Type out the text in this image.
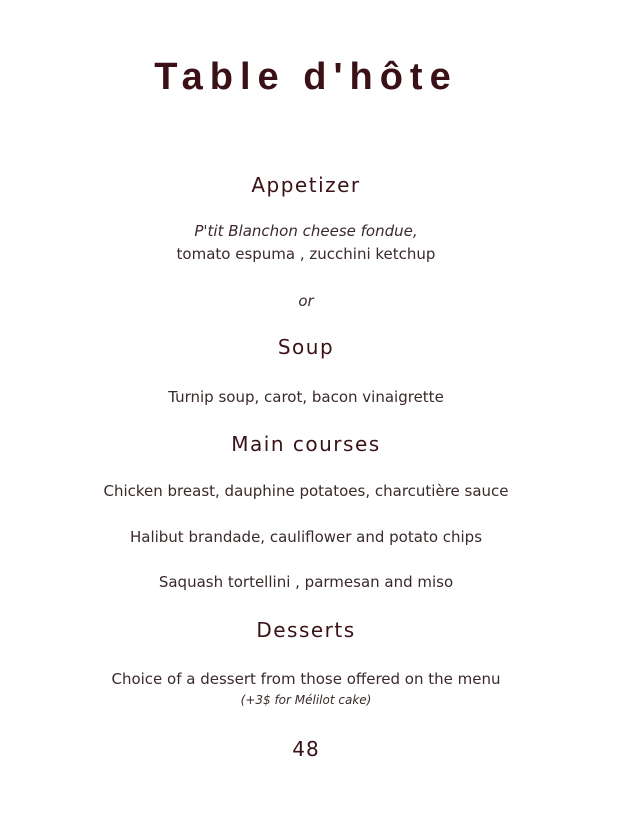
Table d'hôte
Appetizer
P'tit Blanchon cheese fondue,
tomato espuma , zucchini ketchup
or
Soup
Turnip soup, carot, bacon vinaigrette
Main courses
Chicken breast, dauphine potatoes, charcutière sauce
Halibut brandade, cauliflower and potato chips
Saquash tortellini , parmesan and miso
Desserts
Choice of a dessert from those offered on the menu
(+3$ for Mélilot cake)
48
